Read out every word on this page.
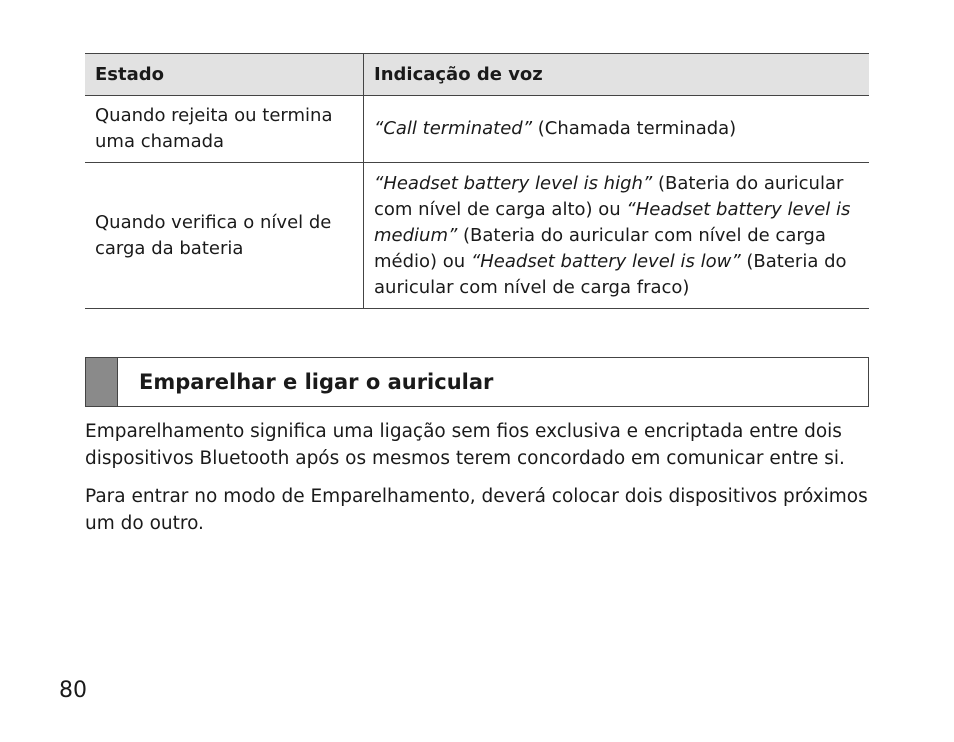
Estado	Indicação de voz
Quando rejeita ou termina uma chamada	“Call terminated” (Chamada terminada)
Quando verifica o nível de carga da bateria	“Headset battery level is high” (Bateria do auricular com nível de carga alto) ou “Headset battery level is medium” (Bateria do auricular com nível de carga médio) ou “Headset battery level is low” (Bateria do auricular com nível de carga fraco)
Emparelhar e ligar o auricular

Emparelhamento significa uma ligação sem fios exclusiva e encriptada entre dois dispositivos Bluetooth após os mesmos terem concordado em comunicar entre si.

Para entrar no modo de Emparelhamento, deverá colocar dois dispositivos próximos um do outro.

80
